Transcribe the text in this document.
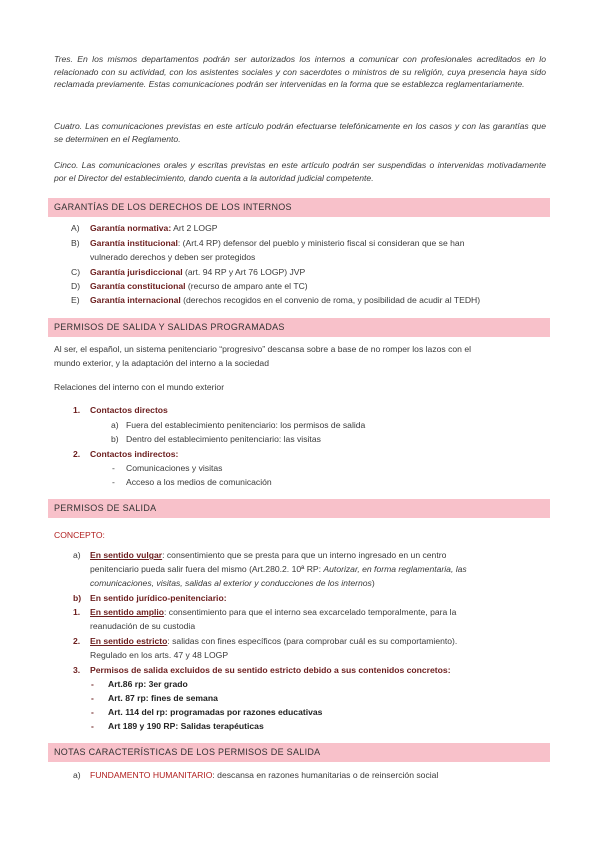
Tres. En los mismos departamentos podrán ser autorizados los internos a comunicar con profesionales acreditados en lo relacionado con su actividad, con los asistentes sociales y con sacerdotes o ministros de su religión, cuya presencia haya sido reclamada previamente. Estas comunicaciones podrán ser intervenidas en la forma que se establezca reglamentariamente.
Cuatro. Las comunicaciones previstas en este artículo podrán efectuarse telefónicamente en los casos y con las garantías que se determinen en el Reglamento.
Cinco. Las comunicaciones orales y escritas previstas en este artículo podrán ser suspendidas o intervenidas motivadamente por el Director del establecimiento, dando cuenta a la autoridad judicial competente.
GARANTÍAS DE LOS DERECHOS DE LOS INTERNOS
A) Garantía normativa: Art 2 LOGP
B) Garantía institucional: (Art.4 RP) defensor del pueblo y ministerio fiscal si consideran que se han
vulnerado derechos y deben ser protegidos
C) Garantía jurisdiccional (art. 94 RP y Art 76 LOGP) JVP
D) Garantía constitucional (recurso de amparo ante el TC)
E) Garantía internacional (derechos recogidos en el convenio de roma, y posibilidad de acudir al TEDH)
PERMISOS DE SALIDA Y SALIDAS PROGRAMADAS
Al ser, el español, un sistema penitenciario “progresivo” descansa sobre a base de no romper los lazos con el
mundo exterior, y la adaptación del interno a la sociedad
Relaciones del interno con el mundo exterior
1. Contactos directos
a) Fuera del establecimiento penitenciario: los permisos de salida
b) Dentro del establecimiento penitenciario: las visitas
2. Contactos indirectos:
- Comunicaciones y visitas
- Acceso a los medios de comunicación
PERMISOS DE SALIDA
CONCEPTO:
a) En sentido vulgar: consentimiento que se presta para que un interno ingresado en un centro
penitenciario pueda salir fuera del mismo (Art.280.2. 10ª RP: Autorizar, en forma reglamentaria, las
comunicaciones, visitas, salidas al exterior y conducciones de los internos)
b) En sentido jurídico-penitenciario:
1. En sentido amplio: consentimiento para que el interno sea excarcelado temporalmente, para la
reanudación de su custodia
2. En sentido estricto: salidas con fines específicos (para comprobar cuál es su comportamiento).
Regulado en los arts. 47 y 48 LOGP
3. Permisos de salida excluidos de su sentido estricto debido a sus contenidos concretos:
- Art.86 rp: 3er grado
- Art. 87 rp: fines de semana
- Art. 114 del rp: programadas por razones educativas
- Art 189 y 190 RP: Salidas terapéuticas
NOTAS CARACTERÍSTICAS DE LOS PERMISOS DE SALIDA
a) FUNDAMENTO HUMANITARIO: descansa en razones humanitarias o de reinserción social
